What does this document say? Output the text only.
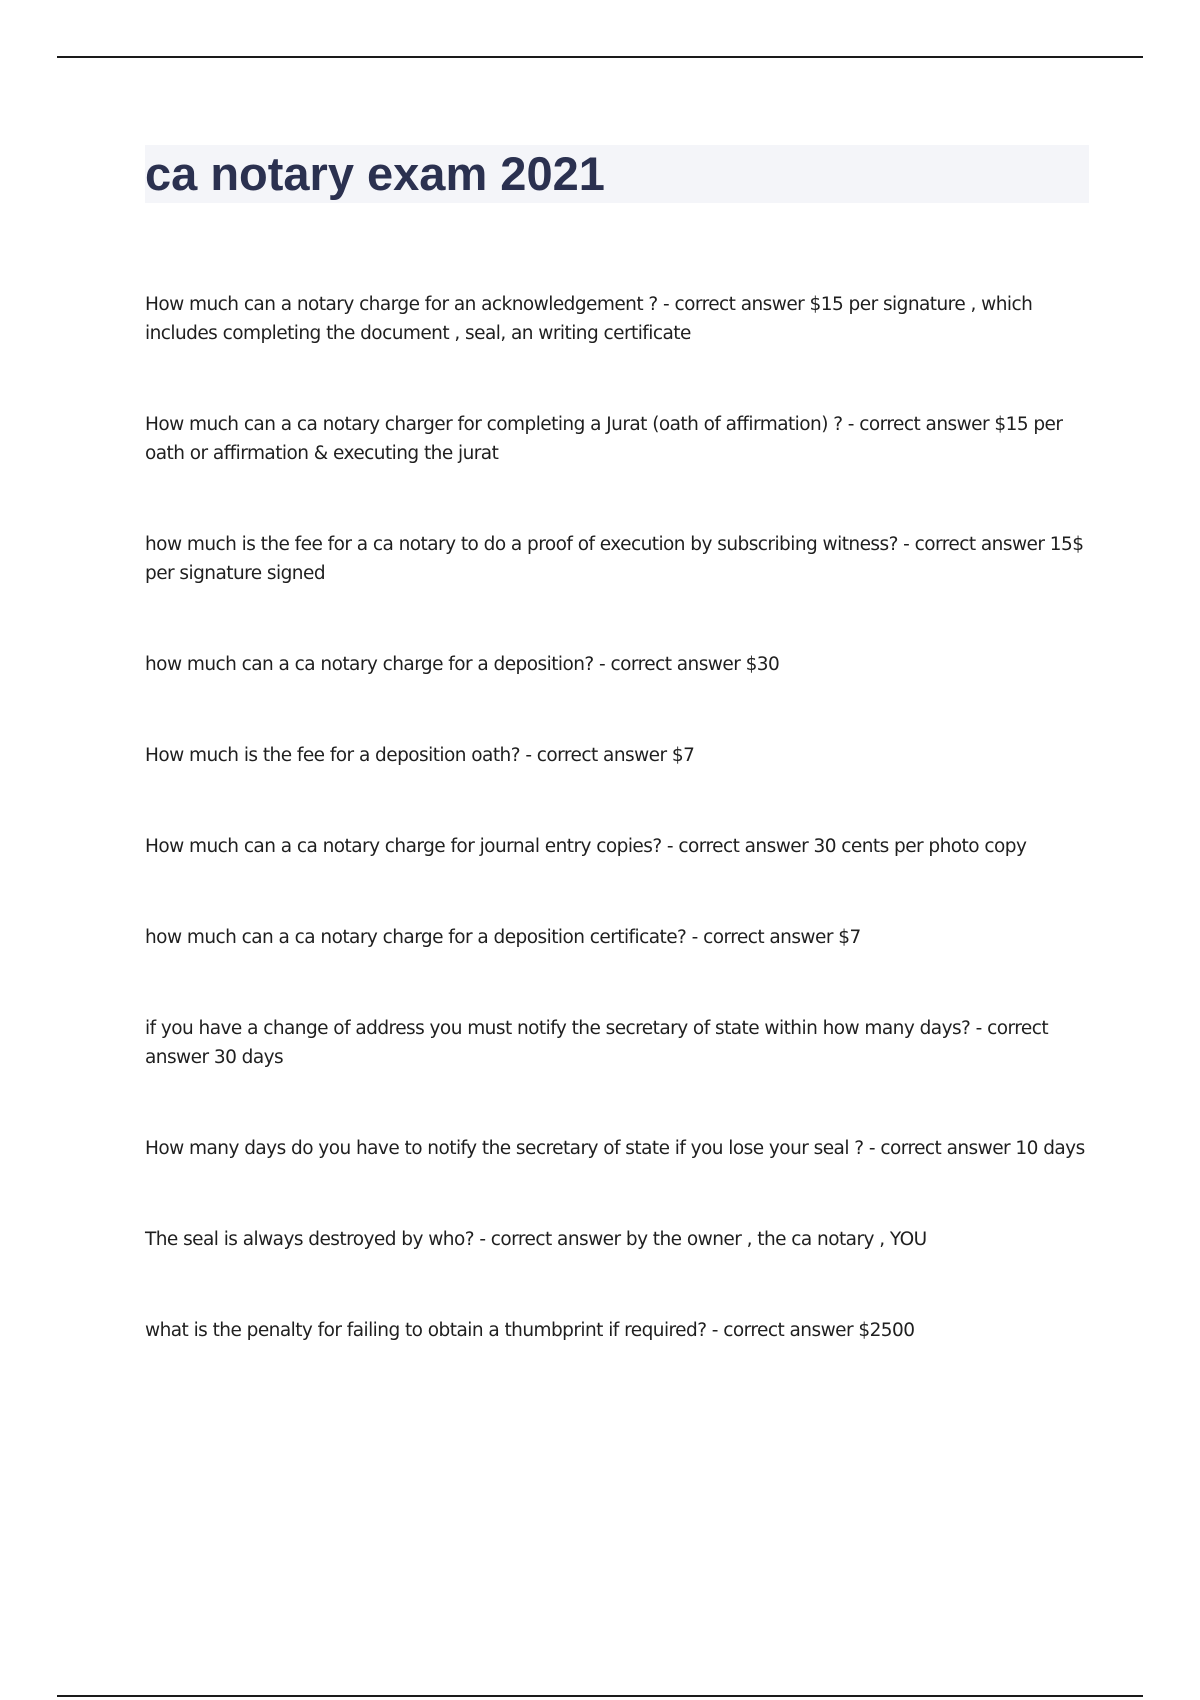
ca notary exam 2021
How much can a notary charge for an acknowledgement ? - correct answer $15 per signature , which includes completing the document , seal, an writing certificate
How much can a ca notary charger for completing a Jurat (oath of affirmation) ? - correct answer $15 per oath or affirmation & executing the jurat
how much is the fee for a ca notary to do a proof of execution by subscribing witness? - correct answer 15$ per signature signed
how much can a ca notary charge for a deposition? - correct answer $30
How much is the fee for a deposition oath? - correct answer $7
How much can a ca notary charge for journal entry copies? - correct answer 30 cents per photo copy
how much can a ca notary charge for a deposition certificate? - correct answer $7
if you have a change of address you must notify the secretary of state within how many days? - correct answer 30 days
How many days do you have to notify the secretary of state if you lose your seal ? - correct answer 10 days
The seal is always destroyed by who? - correct answer by the owner , the ca notary , YOU
what is the penalty for failing to obtain a thumbprint if required? - correct answer $2500
